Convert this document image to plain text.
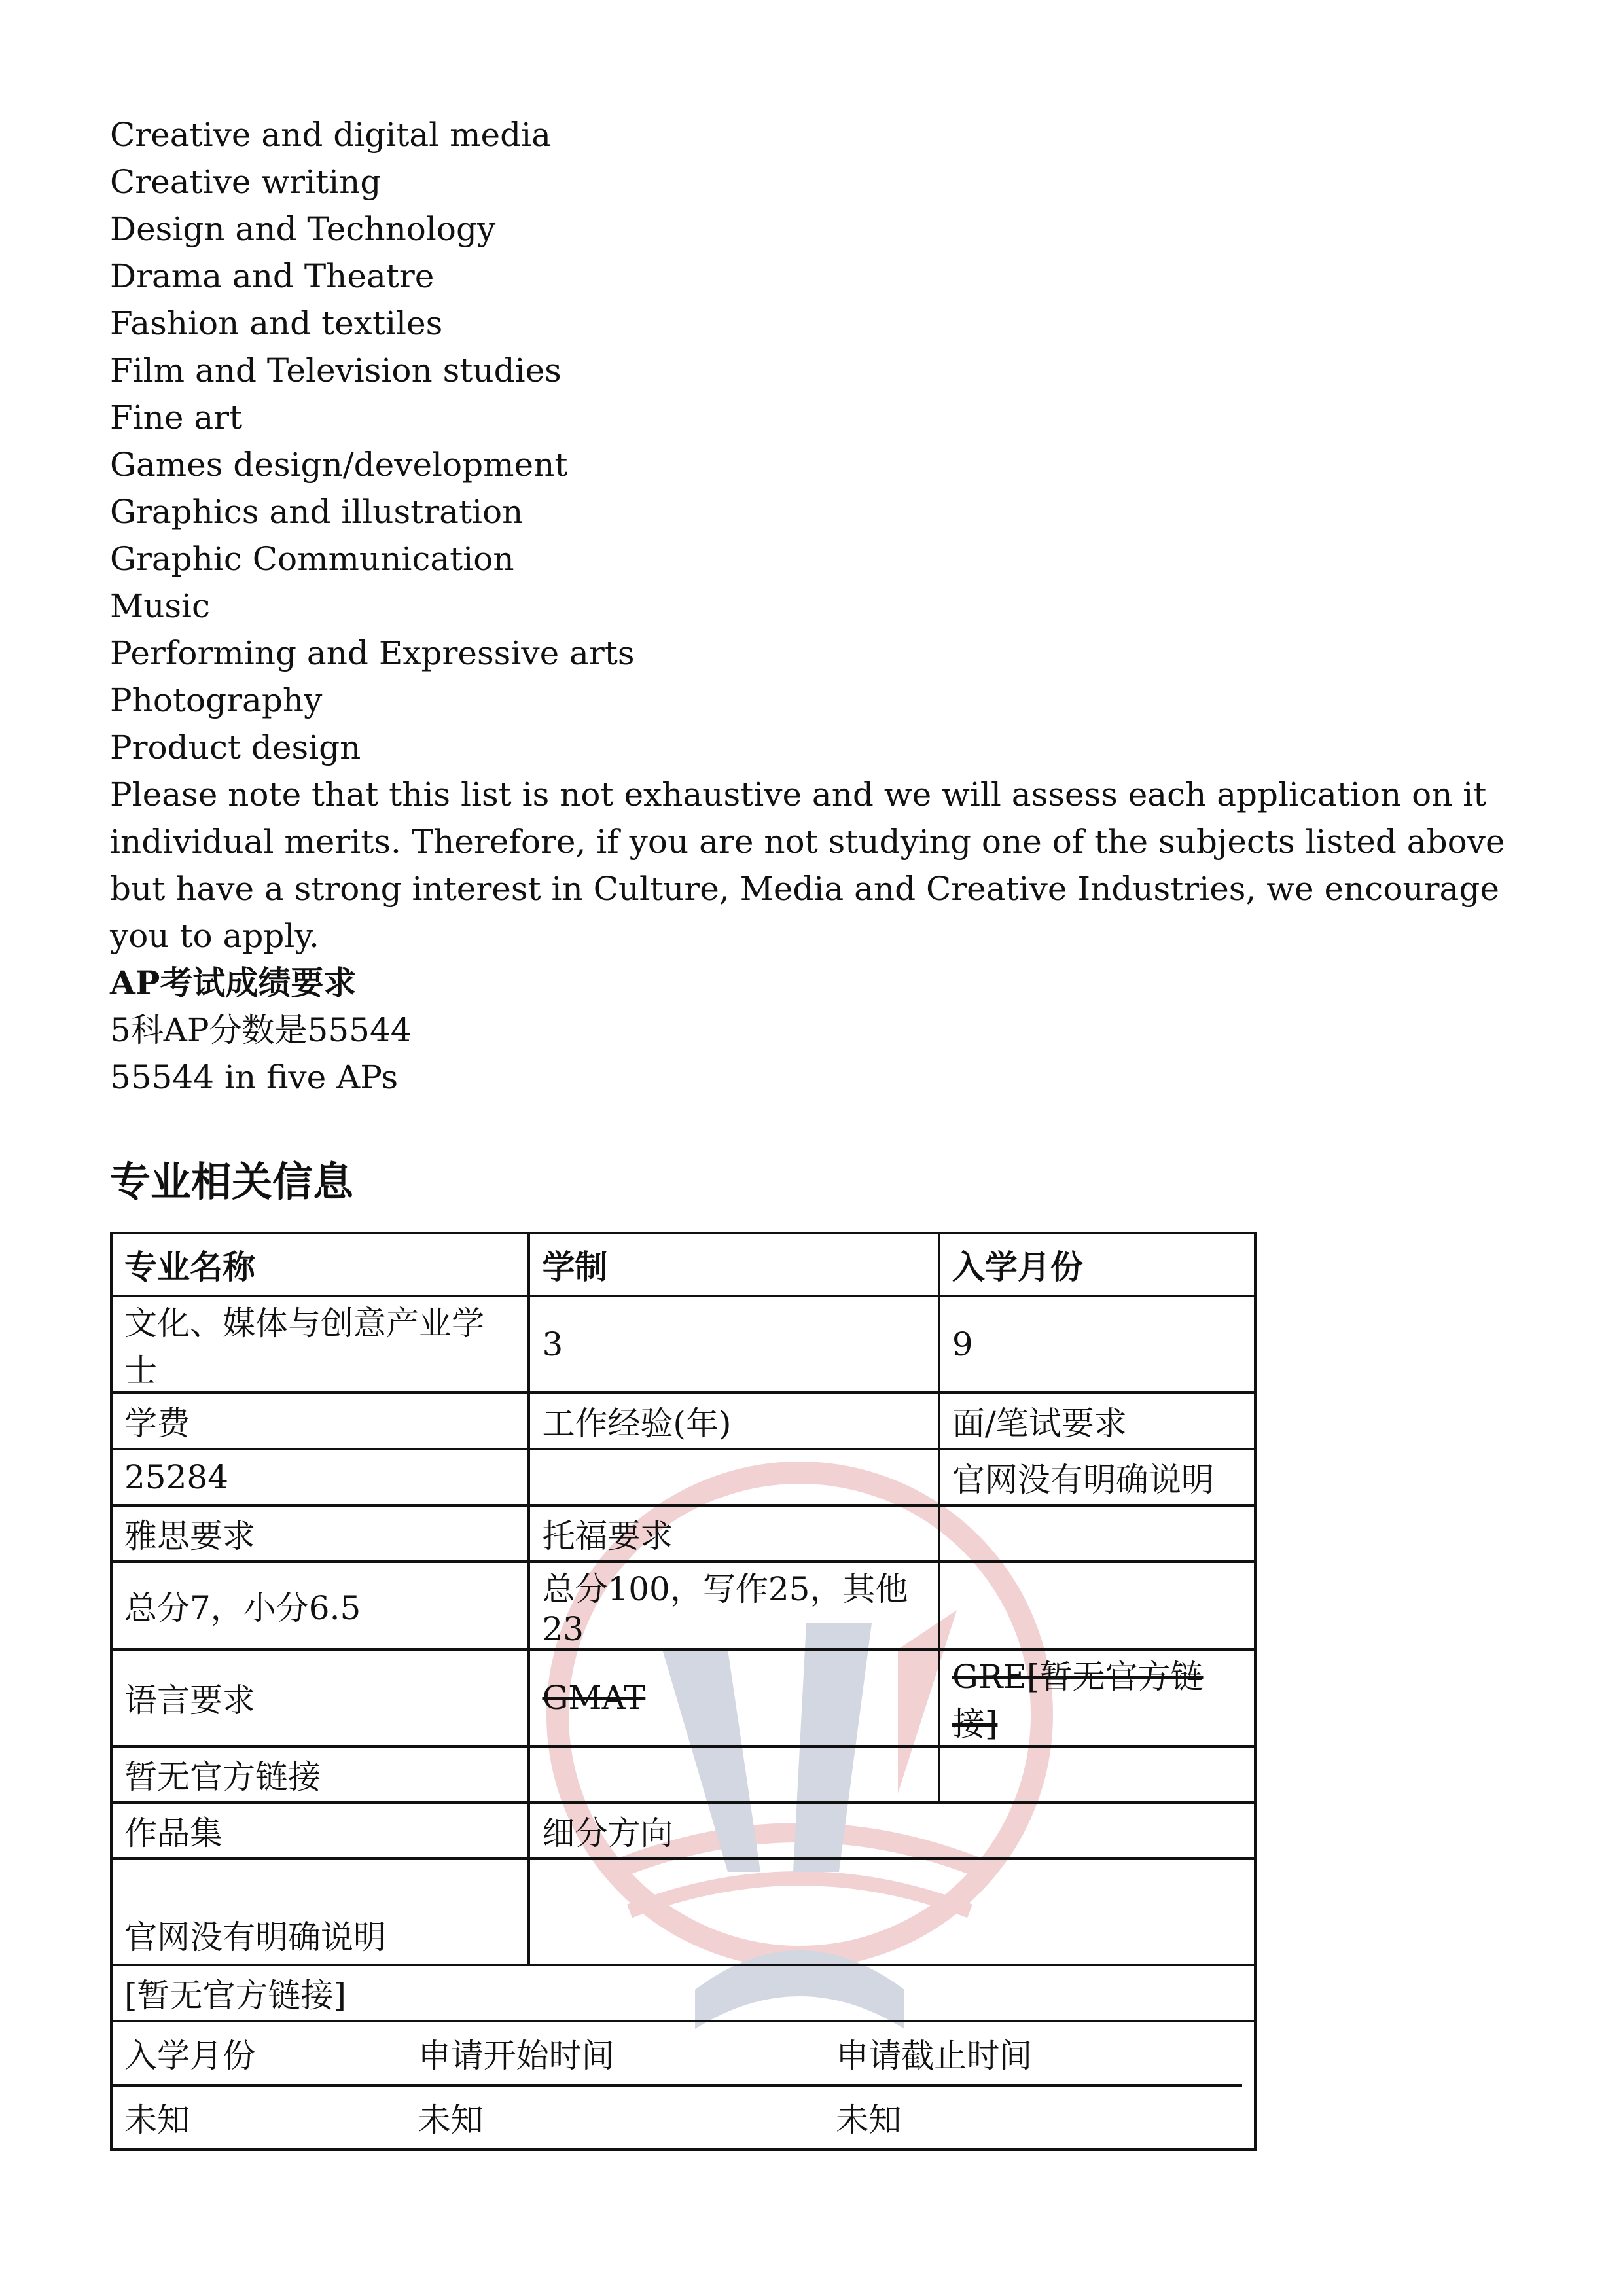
Creative and digital media

Creative writing

Design and Technology

Drama and Theatre

Fashion and textiles

Film and Television studies

Fine art

Games design/development

Graphics and illustration

Graphic Communication

Music

Performing and Expressive arts

Photography

Product design

Please note that this list is not exhaustive and we will assess each application on it individual merits. Therefore, if you are not studying one of the subjects listed above but have a strong interest in Culture, Media and Creative Industries, we encourage you to apply.

AP考试成绩要求

5科AP分数是55544

55544 in five APs

专业相关信息
专业名称	学制	入学月份
文化、媒体与创意产业学士	3	9
学费	工作经验(年)	面/笔试要求
25284		官网没有明确说明
雅思要求	托福要求	
总分7，小分6.5	总分100，写作25，其他23	
语言要求	GMAT	GRE[暂无官方链接]
暂无官方链接		
作品集	细分方向
官网没有明确说明	
[暂无官方链接]

入学月份	申请开始时间	申请截止时间
未知	未知	未知
